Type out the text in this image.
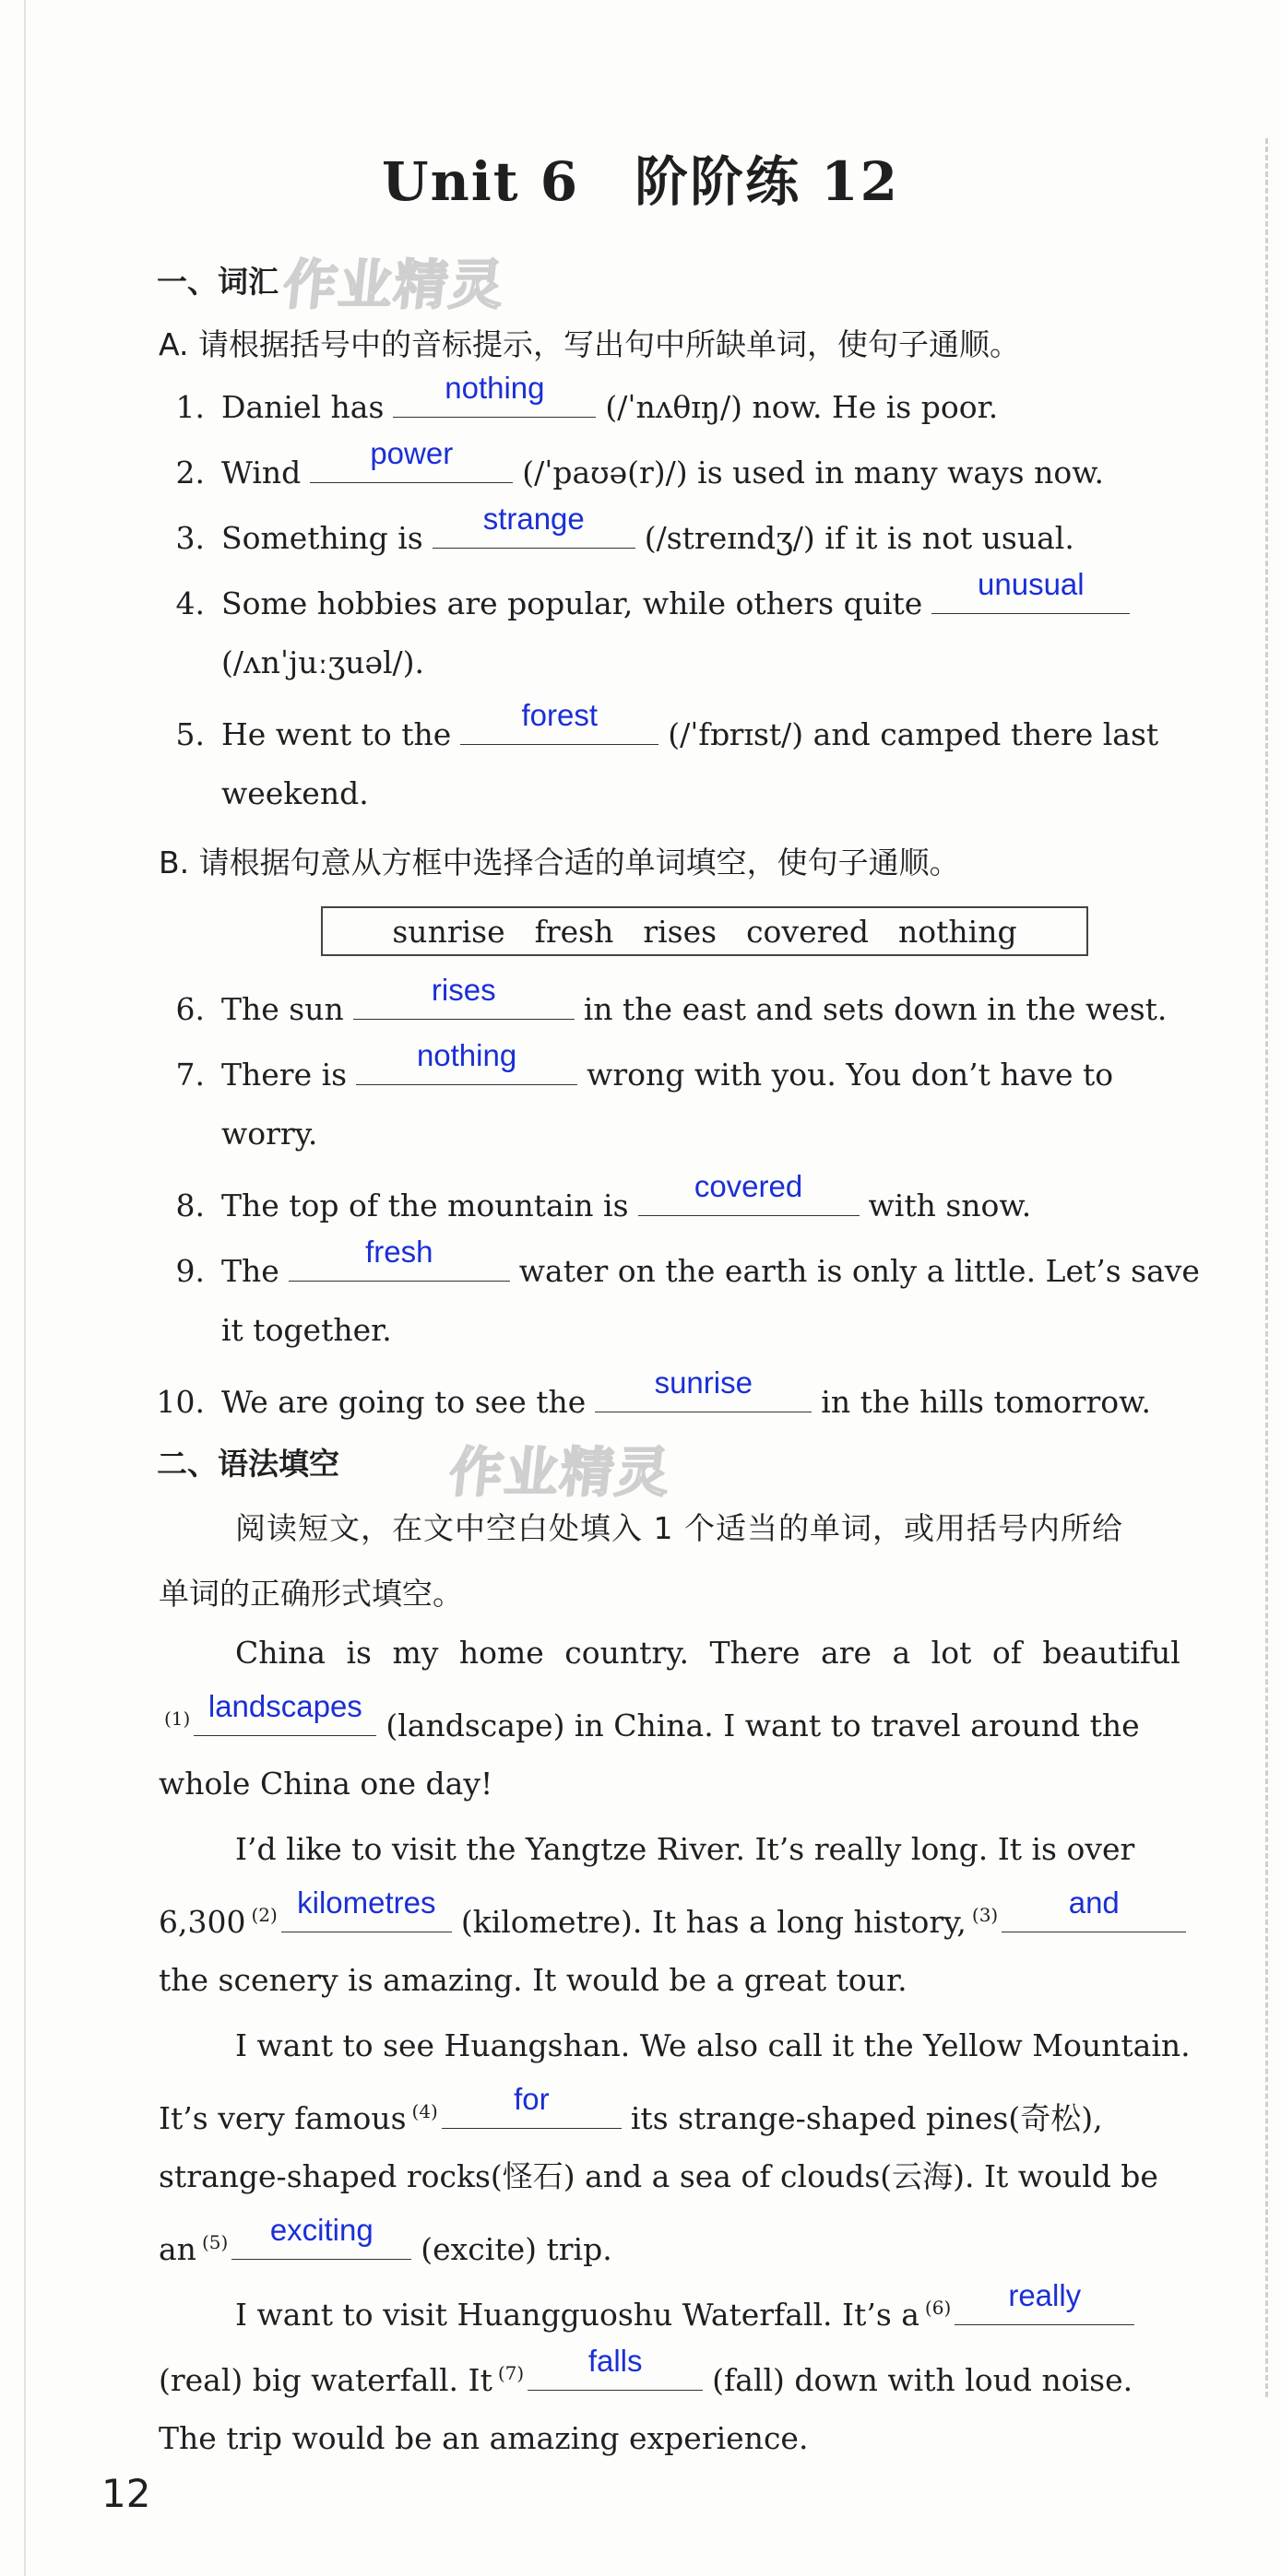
Unit 6　阶阶练 12
一、词汇 作业精灵
A. 请根据括号中的音标提示，写出句中所缺单词，使句子通顺。
1. Daniel has
nothing
(/ˈnʌθɪŋ/) now. He is poor.
2. Wind
power
(/ˈpaʊə(r)/) is used in many ways now.
3. Something is
strange
(/streɪndʒ/) if it is not usual.
4. Some hobbies are popular, while others quite
unusual
(/ʌnˈjuːʒuəl/).
5. He went to the
forest
(/ˈfɒrɪst/) and camped there last
weekend.
B. 请根据句意从方框中选择合适的单词填空，使句子通顺。
sunrise fresh rises covered nothing
6. The sun
rises
in the east and sets down in the west.
7. There is
nothing
wrong with you. You don’t have to
worry.
8. The top of the mountain is
covered
with snow.
9. The
fresh
water on the earth is only a little. Let’s save
it together.
10. We are going to see the
sunrise
in the hills tomorrow.
二、语法填空 作业精灵
阅读短文，在文中空白处填入 1 个适当的单词，或用括号内所给
单词的正确形式填空。
China is my home country. There are a lot of beautiful
$^{(1)}$ landscapes
(landscape) in China. I want to travel around the
whole China one day!
I’d like to visit the Yangtze River. It’s really long. It is over
6,300 $^{(2)}$ kilometres
(kilometre). It has a long history, $^{(3)}$	and
the scenery is amazing. It would be a great tour.
I want to see Huangshan. We also call it the Yellow Mountain.
It’s very famous $^{(4)}$	for
its strange-shaped pines(奇松),
strange-shaped rocks(怪石) and a sea of clouds(云海). It would be
an $^{(5)}$	exciting
(excite) trip.
I want to visit Huangguoshu Waterfall. It’s a $^{(6)}$	really
(real) big waterfall. It $^{(7)}$	falls
(fall) down with loud noise.
The trip would be an amazing experience.
12
